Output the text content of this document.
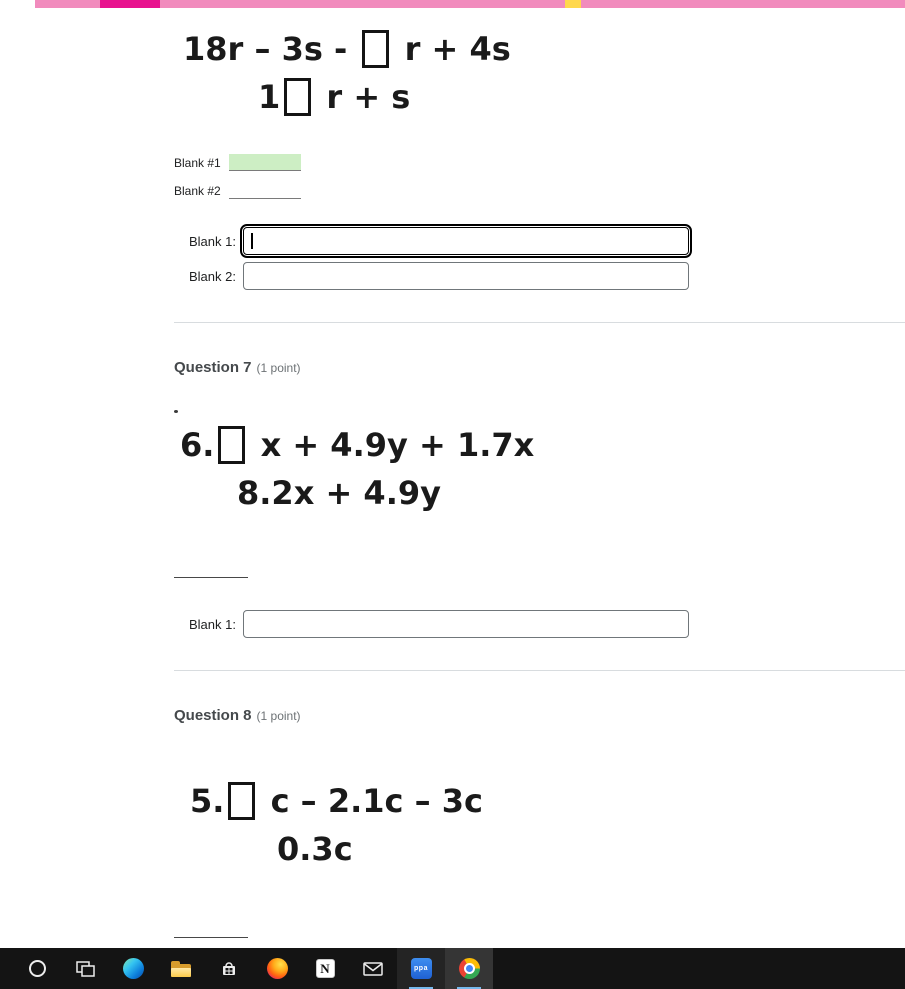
18r – 3s - r + 4s
1 r + s
Blank #1
Blank #2
Blank 1:
Blank 2:
Question 7 (1 point)
6. x + 4.9y + 1.7x
8.2x + 4.9y
Blank 1:
Question 8 (1 point)
5. c – 2.1c – 3c
0.3c
N	ppa
